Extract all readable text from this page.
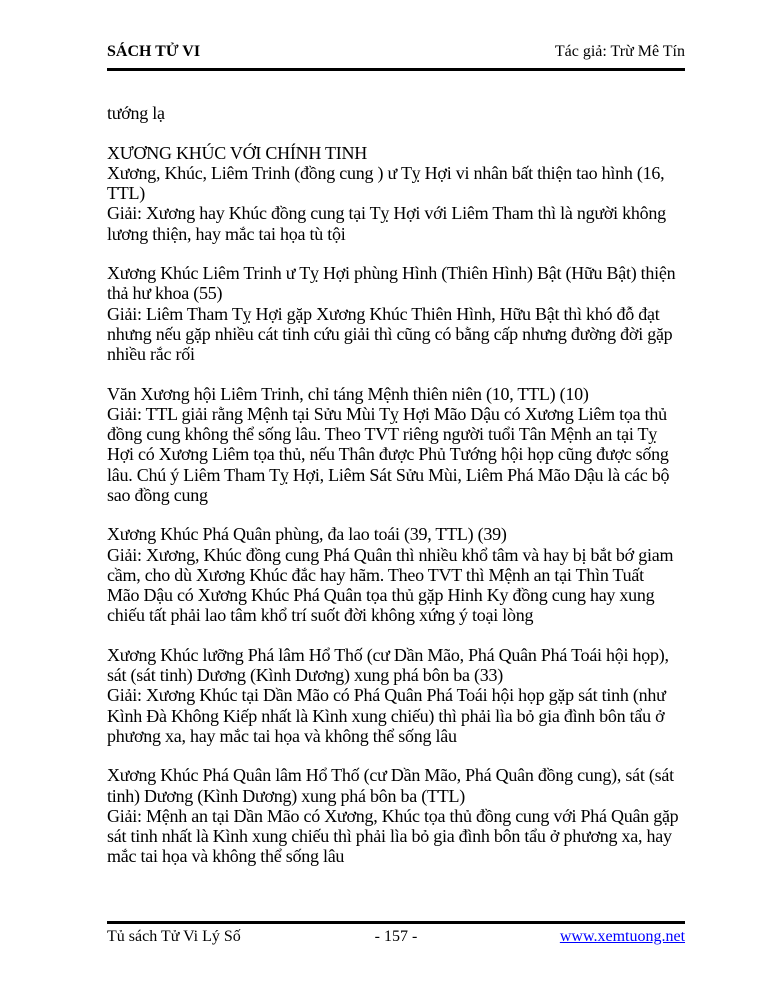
SÁCH TỬ VI	Tác giả: Trừ Mê Tín
tướng lạ
XƯƠNG KHÚC VỚI CHÍNH TINH
Xương, Khúc, Liêm Trinh (đồng cung ) ư Tỵ Hợi vi nhân bất thiện tao hình (16,
TTL)
Giải: Xương hay Khúc đồng cung tại Tỵ Hợi với Liêm Tham thì là người không
lương thiện, hay mắc tai họa tù tội
Xương Khúc Liêm Trinh ư Tỵ Hợi phùng Hình (Thiên Hình) Bật (Hữu Bật) thiện
thả hư khoa (55)
Giải: Liêm Tham Tỵ Hợi gặp Xương Khúc Thiên Hình, Hữu Bật thì khó đỗ đạt
nhưng nếu gặp nhiều cát tinh cứu giải thì cũng có bằng cấp nhưng đường đời gặp
nhiều rắc rối
Văn Xương hội Liêm Trinh, chỉ táng Mệnh thiên niên (10, TTL) (10)
Giải: TTL giải rằng Mệnh tại Sửu Mùi Tỵ Hợi Mão Dậu có Xương Liêm tọa thủ
đồng cung không thể sống lâu. Theo TVT riêng người tuổi Tân Mệnh an tại Tỵ
Hợi có Xương Liêm tọa thủ, nếu Thân được Phủ Tướng hội họp cũng được sống
lâu. Chú ý Liêm Tham Tỵ Hợi, Liêm Sát Sửu Mùi, Liêm Phá Mão Dậu là các bộ
sao đồng cung
Xương Khúc Phá Quân phùng, đa lao toái (39, TTL) (39)
Giải: Xương, Khúc đồng cung Phá Quân thì nhiều khổ tâm và hay bị bắt bớ giam
cầm, cho dù Xương Khúc đắc hay hãm. Theo TVT thì Mệnh an tại Thìn Tuất
Mão Dậu có Xương Khúc Phá Quân tọa thủ gặp Hinh Ky đồng cung hay xung
chiếu tất phải lao tâm khổ trí suốt đời không xứng ý toại lòng
Xương Khúc lưỡng Phá lâm Hổ Thố (cư Dần Mão, Phá Quân Phá Toái hội họp),
sát (sát tinh) Dương (Kình Dương) xung phá bôn ba (33)
Giải: Xương Khúc tại Dần Mão có Phá Quân Phá Toái hội họp gặp sát tinh (như
Kình Đà Không Kiếp nhất là Kình xung chiếu) thì phải lìa bỏ gia đình bôn tẩu ở
phương xa, hay mắc tai họa và không thể sống lâu
Xương Khúc Phá Quân lâm Hổ Thố (cư Dần Mão, Phá Quân đồng cung), sát (sát
tinh) Dương (Kình Dương) xung phá bôn ba (TTL)
Giải: Mệnh an tại Dần Mão có Xương, Khúc tọa thủ đồng cung với Phá Quân gặp
sát tinh nhất là Kình xung chiếu thì phải lìa bỏ gia đình bôn tẩu ở phương xa, hay
mắc tai họa và không thể sống lâu
Tủ sách Tử Vi Lý Số	- 157 -	www.xemtuong.net
